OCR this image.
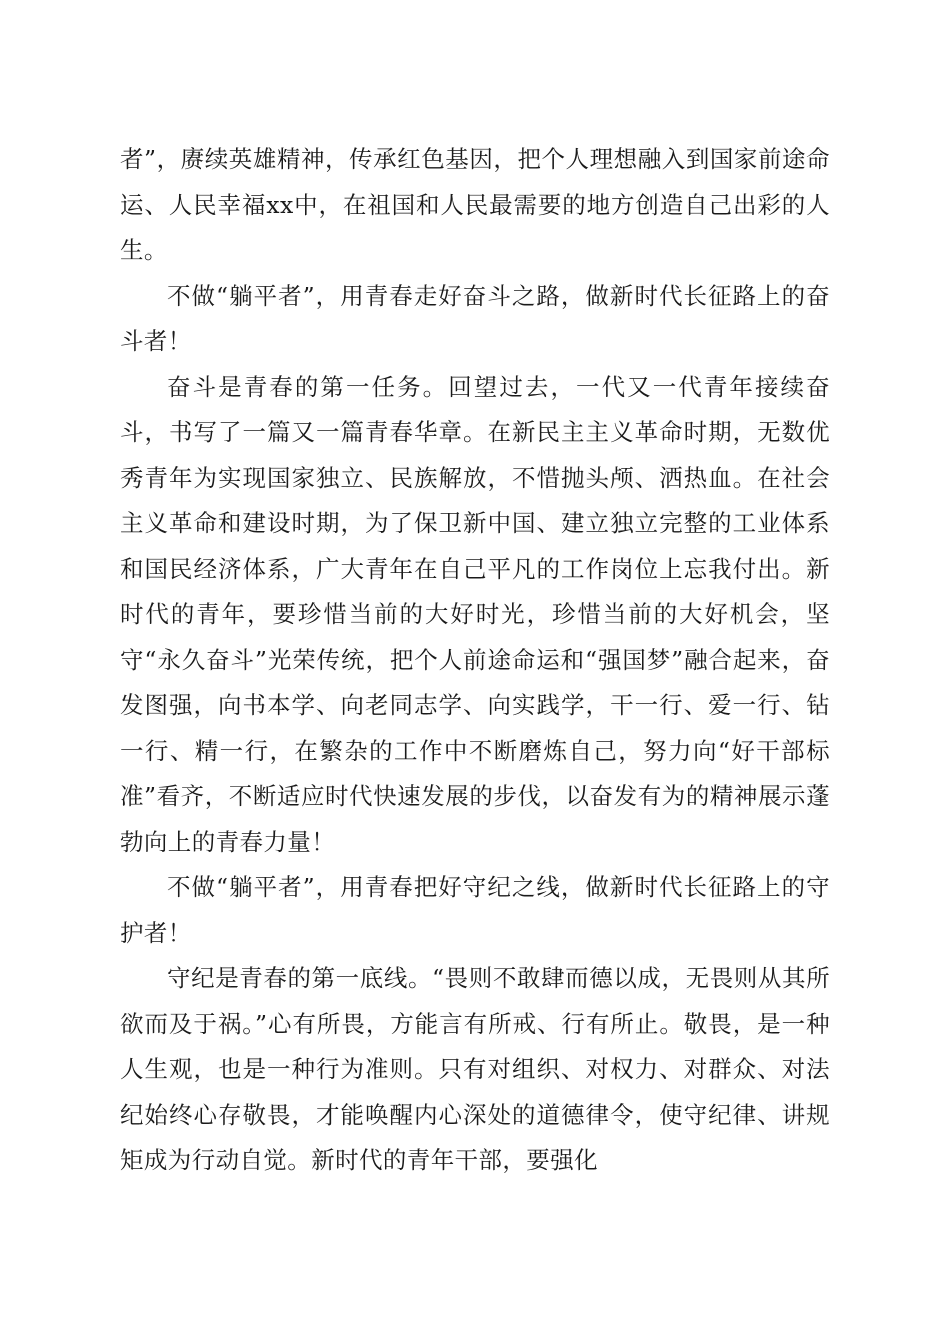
者”，赓续英雄精神，传承红色基因，把个人理想融入到国家前途命运、人民幸福xx中，在祖国和人民最需要的地方创造自己出彩的人生。

不做“躺平者”，用青春走好奋斗之路，做新时代长征路上的奋斗者！

奋斗是青春的第一任务。回望过去，一代又一代青年接续奋斗，书写了一篇又一篇青春华章。在新民主主义革命时期，无数优秀青年为实现国家独立、民族解放，不惜抛头颅、洒热血。在社会主义革命和建设时期，为了保卫新中国、建立独立完整的工业体系和国民经济体系，广大青年在自己平凡的工作岗位上忘我付出。新时代的青年，要珍惜当前的大好时光，珍惜当前的大好机会，坚守“永久奋斗”光荣传统，把个人前途命运和“强国梦”融合起来，奋发图强，向书本学、向老同志学、向实践学，干一行、爱一行、钻一行、精一行，在繁杂的工作中不断磨炼自己，努力向“好干部标准”看齐，不断适应时代快速发展的步伐，以奋发有为的精神展示蓬勃向上的青春力量！

不做“躺平者”，用青春把好守纪之线，做新时代长征路上的守护者！

守纪是青春的第一底线。“畏则不敢肆而德以成，无畏则从其所欲而及于祸。”心有所畏，方能言有所戒、行有所止。敬畏，是一种人生观，也是一种行为准则。只有对组织、对权力、对群众、对法纪始终心存敬畏，才能唤醒内心深处的道德律令，使守纪律、讲规矩成为行动自觉。新时代的青年干部，要强化
